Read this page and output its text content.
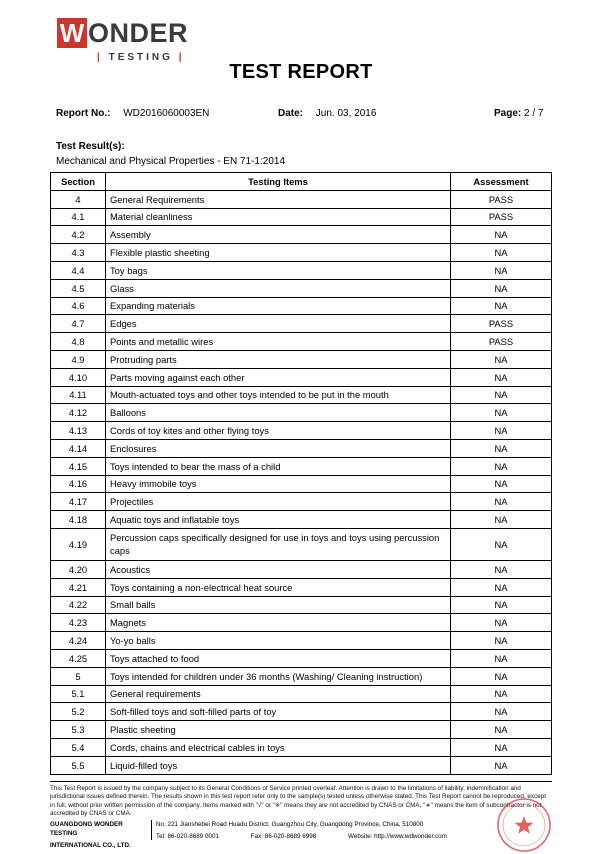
W ONDER
| TESTING |
TEST REPORT
Report No.: WD2016060003EN	Date: Jun. 03, 2016	Page: 2 / 7
Test Result(s):
Mechanical and Physical Properties - EN 71-1:2014
Section	Testing Items	Assessment
4	General Requirements	PASS
4.1	Material cleanliness	PASS
4.2	Assembly	NA
4.3	Flexible plastic sheeting	NA
4.4	Toy bags	NA
4.5	Glass	NA
4.6	Expanding materials	NA
4.7	Edges	PASS
4.8	Points and metallic wires	PASS
4.9	Protruding parts	NA
4.10	Parts moving against each other	NA
4.11	Mouth-actuated toys and other toys intended to be put in the mouth	NA
4.12	Balloons	NA
4.13	Cords of toy kites and other flying toys	NA
4.14	Enclosures	NA
4.15	Toys intended to bear the mass of a child	NA
4.16	Heavy immobile toys	NA
4.17	Projectiles	NA
4.18	Aquatic toys and inflatable toys	NA
4.19	Percussion caps specifically designed for use in toys and toys using percussion caps	NA
4.20	Acoustics	NA
4.21	Toys containing a non-electrical heat source	NA
4.22	Small balls	NA
4.23	Magnets	NA
4.24	Yo-yo balls	NA
4.25	Toys attached to food	NA
5	Toys intended for children under 36 months (Washing/ Cleaning instruction)	NA
5.1	General requirements	NA
5.2	Soft-filled toys and soft-filled parts of toy	NA
5.3	Plastic sheeting	NA
5.4	Cords, chains and electrical cables in toys	NA
5.5	Liquid-filled toys	NA
This Test Report is issued by the company subject to its General Conditions of Service printed overleaf. Attention is drawn to the limitations of liability, indemnification and jurisdictional issues defined therein. The results shown in this test report refer only to the sample(s) tested unless otherwise stated. This Test Report cannot be reproduced, except in full, without prior written permission of the company. Items marked with "√" or "※" means they are not accredited by CNAS or CMA, "∗" means the item of subcontractor is not accredited by CNAS or CMA.
GUANGDONG WONDER TESTING
INTERNATIONAL CO., LTD.
No. 221 Jianshebei Road Huadu District, Guangzhou City, Guangdong Province, China, 510800
Tel: 86-020-8689 0001	Fax: 86-020-8689 6998	Website: http://www.wdwonder.com
